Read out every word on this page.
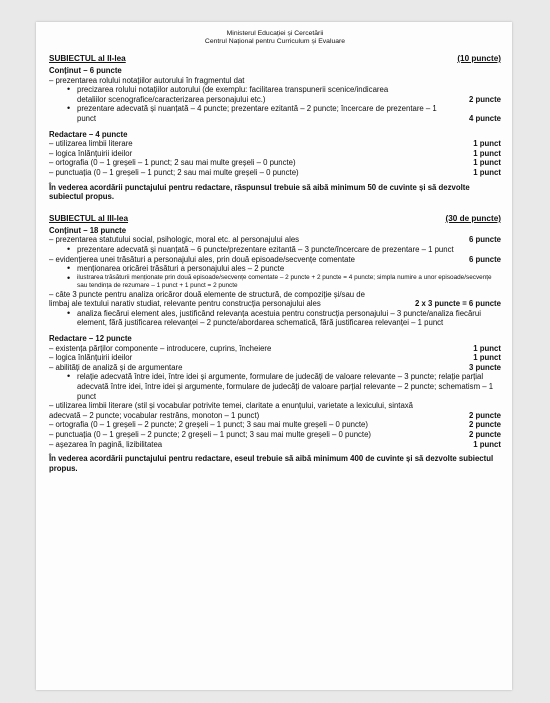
Ministerul Educației și Cercetării
Centrul Național pentru Curriculum și Evaluare
SUBIECTUL al II-lea	(10 puncte)
Conținut – 6 puncte
– prezentarea rolului notațiilor autorului în fragmentul dat
• precizarea rolului notațiilor autorului (de exemplu: facilitarea transpunerii scenice/indicarea detaliilor scenografice/caracterizarea personajului etc.)	2 puncte
• prezentare adecvată și nuanțată – 4 puncte; prezentare ezitantă – 2 puncte; încercare de prezentare – 1 punct	4 puncte
Redactare – 4 puncte
– utilizarea limbii literare	1 punct
– logica înlănțuirii ideilor	1 punct
– ortografia (0 – 1 greșeli – 1 punct; 2 sau mai multe greșeli – 0 puncte)	1 punct
– punctuația (0 – 1 greșeli – 1 punct; 2 sau mai multe greșeli – 0 puncte)	1 punct
În vederea acordării punctajului pentru redactare, răspunsul trebuie să aibă minimum 50 de cuvinte și să dezvolte subiectul propus.
SUBIECTUL al III-lea	(30 de puncte)
Conținut – 18 puncte
– prezentarea statutului social, psihologic, moral etc. al personajului ales	6 puncte
• prezentare adecvată și nuanțată – 6 puncte/prezentare ezitantă – 3 puncte/încercare de prezentare – 1 punct
– evidențierea unei trăsături a personajului ales, prin două episoade/secvențe comentate	6 puncte
• menționarea oricărei trăsături a personajului ales – 2 puncte
• ilustrarea trăsăturii menționate prin două episoade/secvențe comentate – 2 puncte + 2 puncte = 4 puncte; simpla numire a unor episoade/secvențe sau tendința de rezumare – 1 punct + 1 punct = 2 puncte
– câte 3 puncte pentru analiza oricăror două elemente de structură, de compoziție și/sau de limbaj ale textului narativ studiat, relevante pentru construcția personajului ales	2 x 3 puncte = 6 puncte
• analiza fiecărui element ales, justificând relevanța acestuia pentru construcția personajului – 3 puncte/analiza fiecărui element, fără justificarea relevanței – 2 puncte/abordarea schematică, fără justificarea relevanței – 1 punct
Redactare – 12 puncte
– existența părților componente – introducere, cuprins, încheiere	1 punct
– logica înlănțuirii ideilor	1 punct
– abilități de analiză și de argumentare	3 puncte
• relație adecvată între idei, între idei și argumente, formulare de judecăți de valoare relevante – 3 puncte; relație parțial adecvată între idei, între idei și argumente, formulare de judecăți de valoare parțial relevante – 2 puncte; schematism – 1 punct
– utilizarea limbii literare (stil și vocabular potrivite temei, claritate a enunțului, varietate a lexicului, sintaxă adecvată – 2 puncte; vocabular restrâns, monoton – 1 punct)	2 puncte
– ortografia (0 – 1 greșeli – 2 puncte; 2 greșeli – 1 punct; 3 sau mai multe greșeli – 0 puncte)	2 puncte
– punctuația (0 – 1 greșeli – 2 puncte; 2 greșeli – 1 punct; 3 sau mai multe greșeli – 0 puncte)	2 puncte
– așezarea în pagină, lizibilitatea	1 punct
În vederea acordării punctajului pentru redactare, eseul trebuie să aibă minimum 400 de cuvinte și să dezvolte subiectul propus.
